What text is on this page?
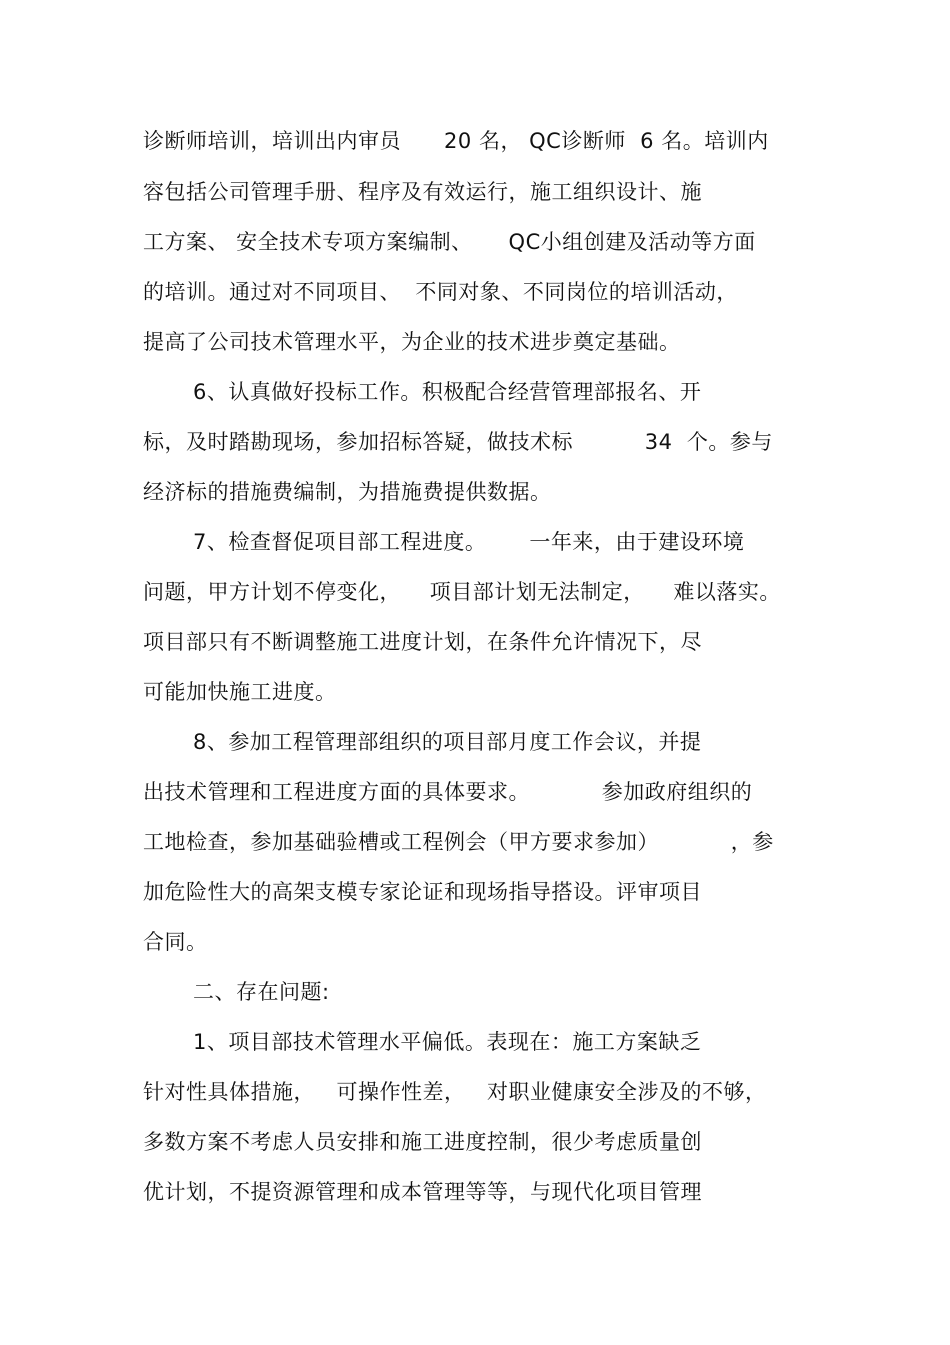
诊断师培训，培训出内审员      20 名， QC诊断师  6 名。培训内
容包括公司管理手册、程序及有效运行，施工组织设计、施
工方案、 安全技术专项方案编制、     QC小组创建及活动等方面
的培训。通过对不同项目、  不同对象、不同岗位的培训活动，
提高了公司技术管理水平，为企业的技术进步奠定基础。
6、认真做好投标工作。积极配合经营管理部报名、开
标，及时踏勘现场，参加招标答疑，做技术标          34  个。参与
经济标的措施费编制，为措施费提供数据。
7、检查督促项目部工程进度。      一年来，由于建设环境
问题，甲方计划不停变化，    项目部计划无法制定，    难以落实。
项目部只有不断调整施工进度计划，在条件允许情况下，尽
可能加快施工进度。
8、参加工程管理部组织的项目部月度工作会议，并提
出技术管理和工程进度方面的具体要求。          参加政府组织的
工地检查，参加基础验槽或工程例会（甲方要求参加）          ，参
加危险性大的高架支模专家论证和现场指导搭设。评审项目
合同。
二、存在问题:
1、项目部技术管理水平偏低。表现在：施工方案缺乏
针对性具体措施，   可操作性差，   对职业健康安全涉及的不够，
多数方案不考虑人员安排和施工进度控制，很少考虑质量创
优计划，不提资源管理和成本管理等等，与现代化项目管理
